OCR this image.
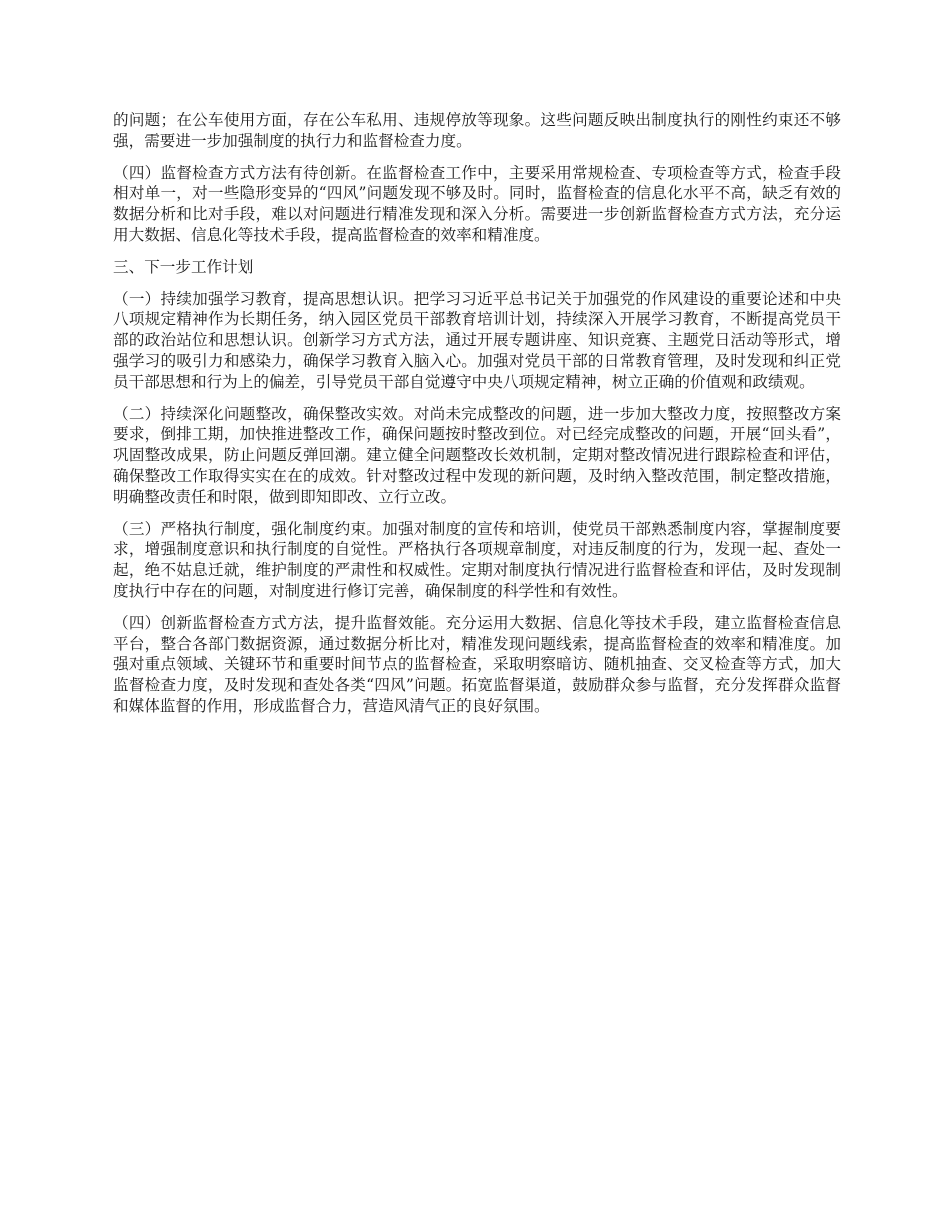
的问题；在公车使用方面，存在公车私用、违规停放等现象。这些问题反映出制度执行的刚性约束还不够强，需要进一步加强制度的执行力和监督检查力度。

（四）监督检查方式方法有待创新。在监督检查工作中，主要采用常规检查、专项检查等方式，检查手段相对单一，对一些隐形变异的“四风”问题发现不够及时。同时，监督检查的信息化水平不高，缺乏有效的数据分析和比对手段，难以对问题进行精准发现和深入分析。需要进一步创新监督检查方式方法，充分运用大数据、信息化等技术手段，提高监督检查的效率和精准度。

三、下一步工作计划

（一）持续加强学习教育，提高思想认识。把学习习近平总书记关于加强党的作风建设的重要论述和中央八项规定精神作为长期任务，纳入园区党员干部教育培训计划，持续深入开展学习教育，不断提高党员干部的政治站位和思想认识。创新学习方式方法，通过开展专题讲座、知识竞赛、主题党日活动等形式，增强学习的吸引力和感染力，确保学习教育入脑入心。加强对党员干部的日常教育管理，及时发现和纠正党员干部思想和行为上的偏差，引导党员干部自觉遵守中央八项规定精神，树立正确的价值观和政绩观。

（二）持续深化问题整改，确保整改实效。对尚未完成整改的问题，进一步加大整改力度，按照整改方案要求，倒排工期，加快推进整改工作，确保问题按时整改到位。对已经完成整改的问题，开展“回头看”，巩固整改成果，防止问题反弹回潮。建立健全问题整改长效机制，定期对整改情况进行跟踪检查和评估，确保整改工作取得实实在在的成效。针对整改过程中发现的新问题，及时纳入整改范围，制定整改措施，明确整改责任和时限，做到即知即改、立行立改。

（三）严格执行制度，强化制度约束。加强对制度的宣传和培训，使党员干部熟悉制度内容，掌握制度要求，增强制度意识和执行制度的自觉性。严格执行各项规章制度，对违反制度的行为，发现一起、查处一起，绝不姑息迁就，维护制度的严肃性和权威性。定期对制度执行情况进行监督检查和评估，及时发现制度执行中存在的问题，对制度进行修订完善，确保制度的科学性和有效性。

（四）创新监督检查方式方法，提升监督效能。充分运用大数据、信息化等技术手段，建立监督检查信息平台，整合各部门数据资源，通过数据分析比对，精准发现问题线索，提高监督检查的效率和精准度。加强对重点领域、关键环节和重要时间节点的监督检查，采取明察暗访、随机抽查、交叉检查等方式，加大监督检查力度，及时发现和查处各类“四风”问题。拓宽监督渠道，鼓励群众参与监督，充分发挥群众监督和媒体监督的作用，形成监督合力，营造风清气正的良好氛围。
